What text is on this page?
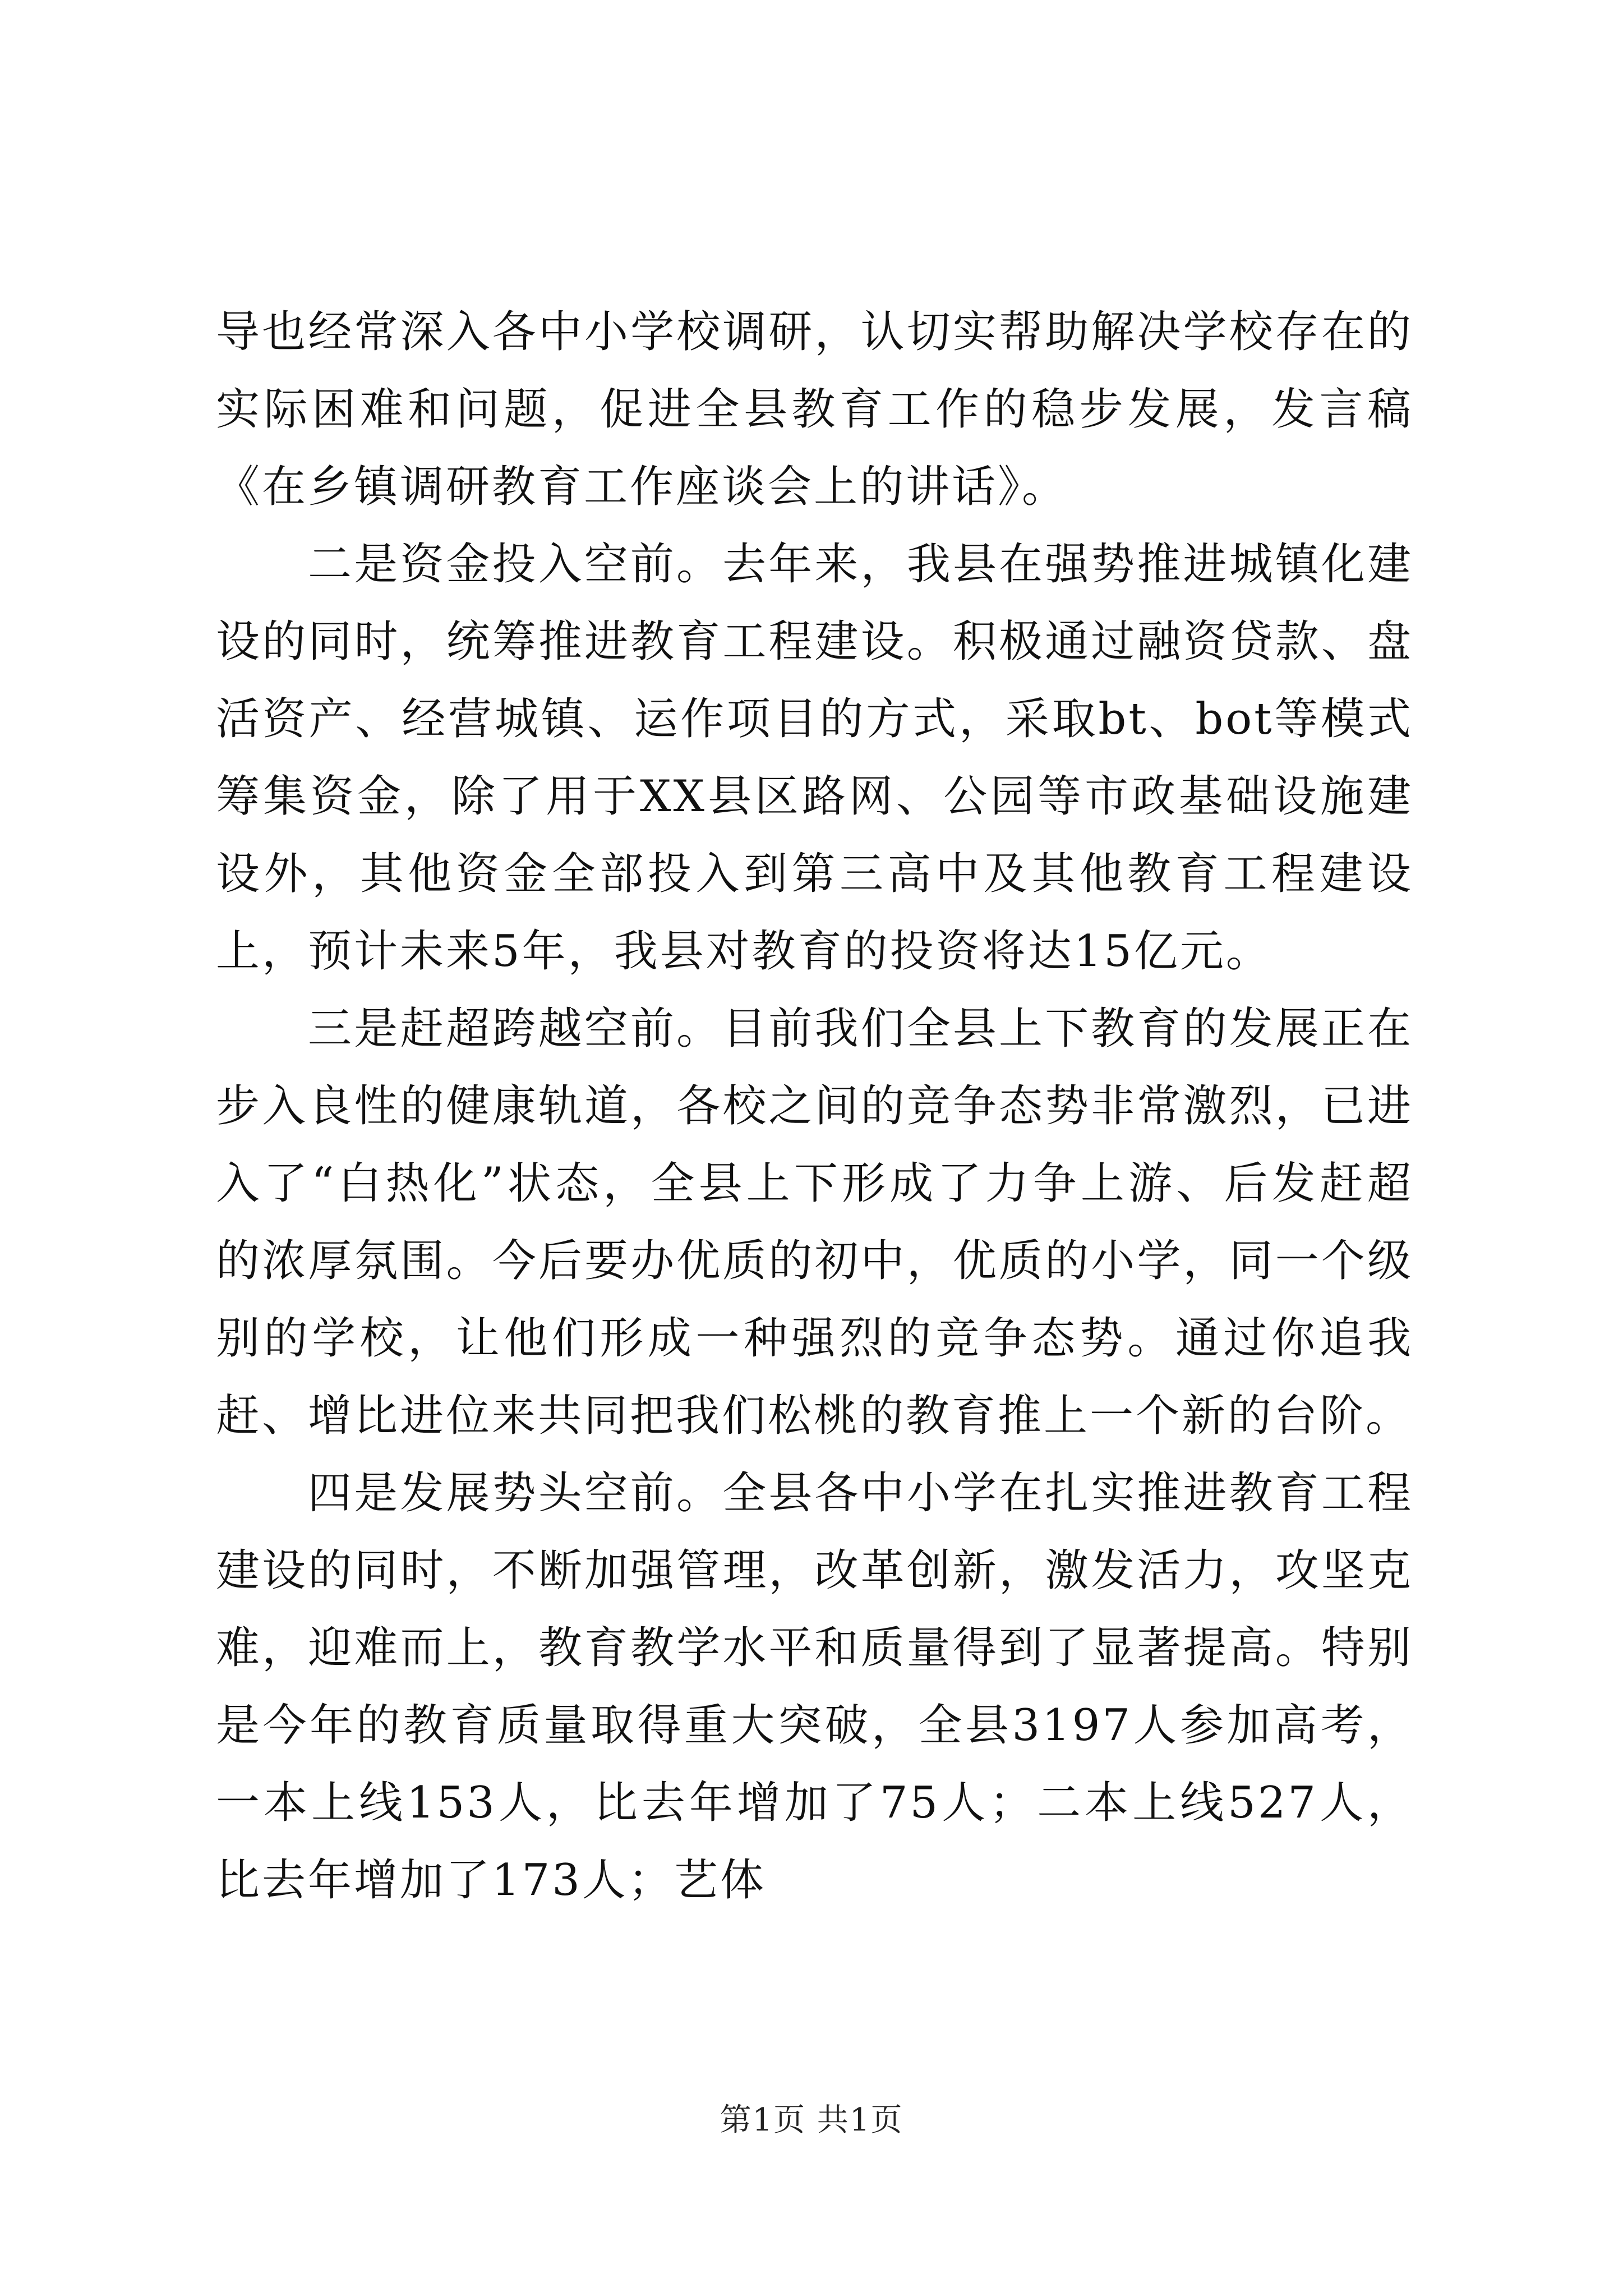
导也经常深入各中小学校调研，认切实帮助解决学校存在的实际困难和问题，促进全县教育工作的稳步发展，发言稿《在乡镇调研教育工作座谈会上的讲话》。

二是资金投入空前。去年来，我县在强势推进城镇化建设的同时，统筹推进教育工程建设。积极通过融资贷款、盘活资产、经营城镇、运作项目的方式，采取bt、bot等模式筹集资金，除了用于XX县区路网、公园等市政基础设施建设外，其他资金全部投入到第三高中及其他教育工程建设上，预计未来5年，我县对教育的投资将达15亿元。

三是赶超跨越空前。目前我们全县上下教育的发展正在步入良性的健康轨道，各校之间的竞争态势非常激烈，已进入了“白热化”状态，全县上下形成了力争上游、后发赶超的浓厚氛围。今后要办优质的初中，优质的小学，同一个级别的学校，让他们形成一种强烈的竞争态势。通过你追我赶、增比进位来共同把我们松桃的教育推上一个新的台阶。

四是发展势头空前。全县各中小学在扎实推进教育工程建设的同时，不断加强管理，改革创新，激发活力，攻坚克难，迎难而上，教育教学水平和质量得到了显著提高。特别是今年的教育质量取得重大突破，全县3197人参加高考，一本上线153人，比去年增加了75人；二本上线527人，比去年增加了173人；艺体

第1页 共1页
